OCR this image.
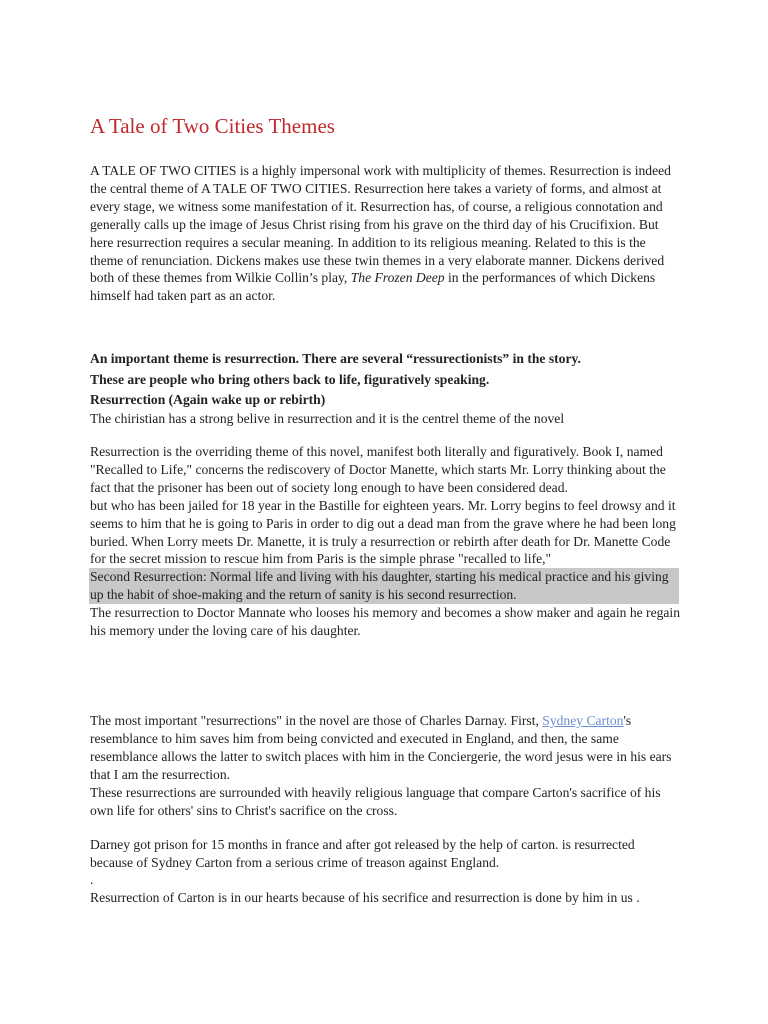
A Tale of Two Cities Themes

A TALE OF TWO CITIES is a highly impersonal work with multiplicity of themes. Resurrection is indeed the central theme of A TALE OF TWO CITIES. Resurrection here takes a variety of forms, and almost at every stage, we witness some manifestation of it. Resurrection has, of course, a religious connotation and generally calls up the image of Jesus Christ rising from his grave on the third day of his Crucifixion. But here resurrection requires a secular meaning. In addition to its religious meaning. Related to this is the theme of renunciation. Dickens makes use these twin themes in a very elaborate manner. Dickens derived both of these themes from Wilkie Collin’s play, The Frozen Deep in the performances of which Dickens himself had taken part as an actor.

An important theme is resurrection. There are several “ressurectionists” in the story.

These are people who bring others back to life, figuratively speaking.

Resurrection (Again wake up or rebirth)

The chiristian has a strong belive in resurrection and it is the centrel theme of the novel

Resurrection is the overriding theme of this novel, manifest both literally and figuratively. Book I, named "Recalled to Life," concerns the rediscovery of Doctor Manette, which starts Mr. Lorry thinking about the fact that the prisoner has been out of society long enough to have been considered dead.

but who has been jailed for 18 year in the Bastille for eighteen years. Mr. Lorry begins to feel drowsy and it seems to him that he is going to Paris in order to dig out a dead man from the grave where he had been long buried. When Lorry meets Dr. Manette, it is truly a resurrection or rebirth after death for Dr. Manette Code for the secret mission to rescue him from Paris is the simple phrase "recalled to life,"

Second Resurrection: Normal life and living with his daughter, starting his medical practice and his giving up the habit of shoe-making and the return of sanity is his second resurrection.

The resurrection to Doctor Mannate who looses his memory and becomes a show maker and again he regain his memory under the loving care of his daughter.

The most important "resurrections" in the novel are those of Charles Darnay. First, Sydney Carton's resemblance to him saves him from being convicted and executed in England, and then, the same resemblance allows the latter to switch places with him in the Conciergerie, the word jesus were in his ears that I am the resurrection.

These resurrections are surrounded with heavily religious language that compare Carton's sacrifice of his own life for others' sins to Christ's sacrifice on the cross.

Darney got prison for 15 months in france and after got released by the help of carton. is resurrected because of Sydney Carton from a serious crime of treason against England.

.

Resurrection of Carton is in our hearts because of his secrifice and resurrection is done by him in us .
